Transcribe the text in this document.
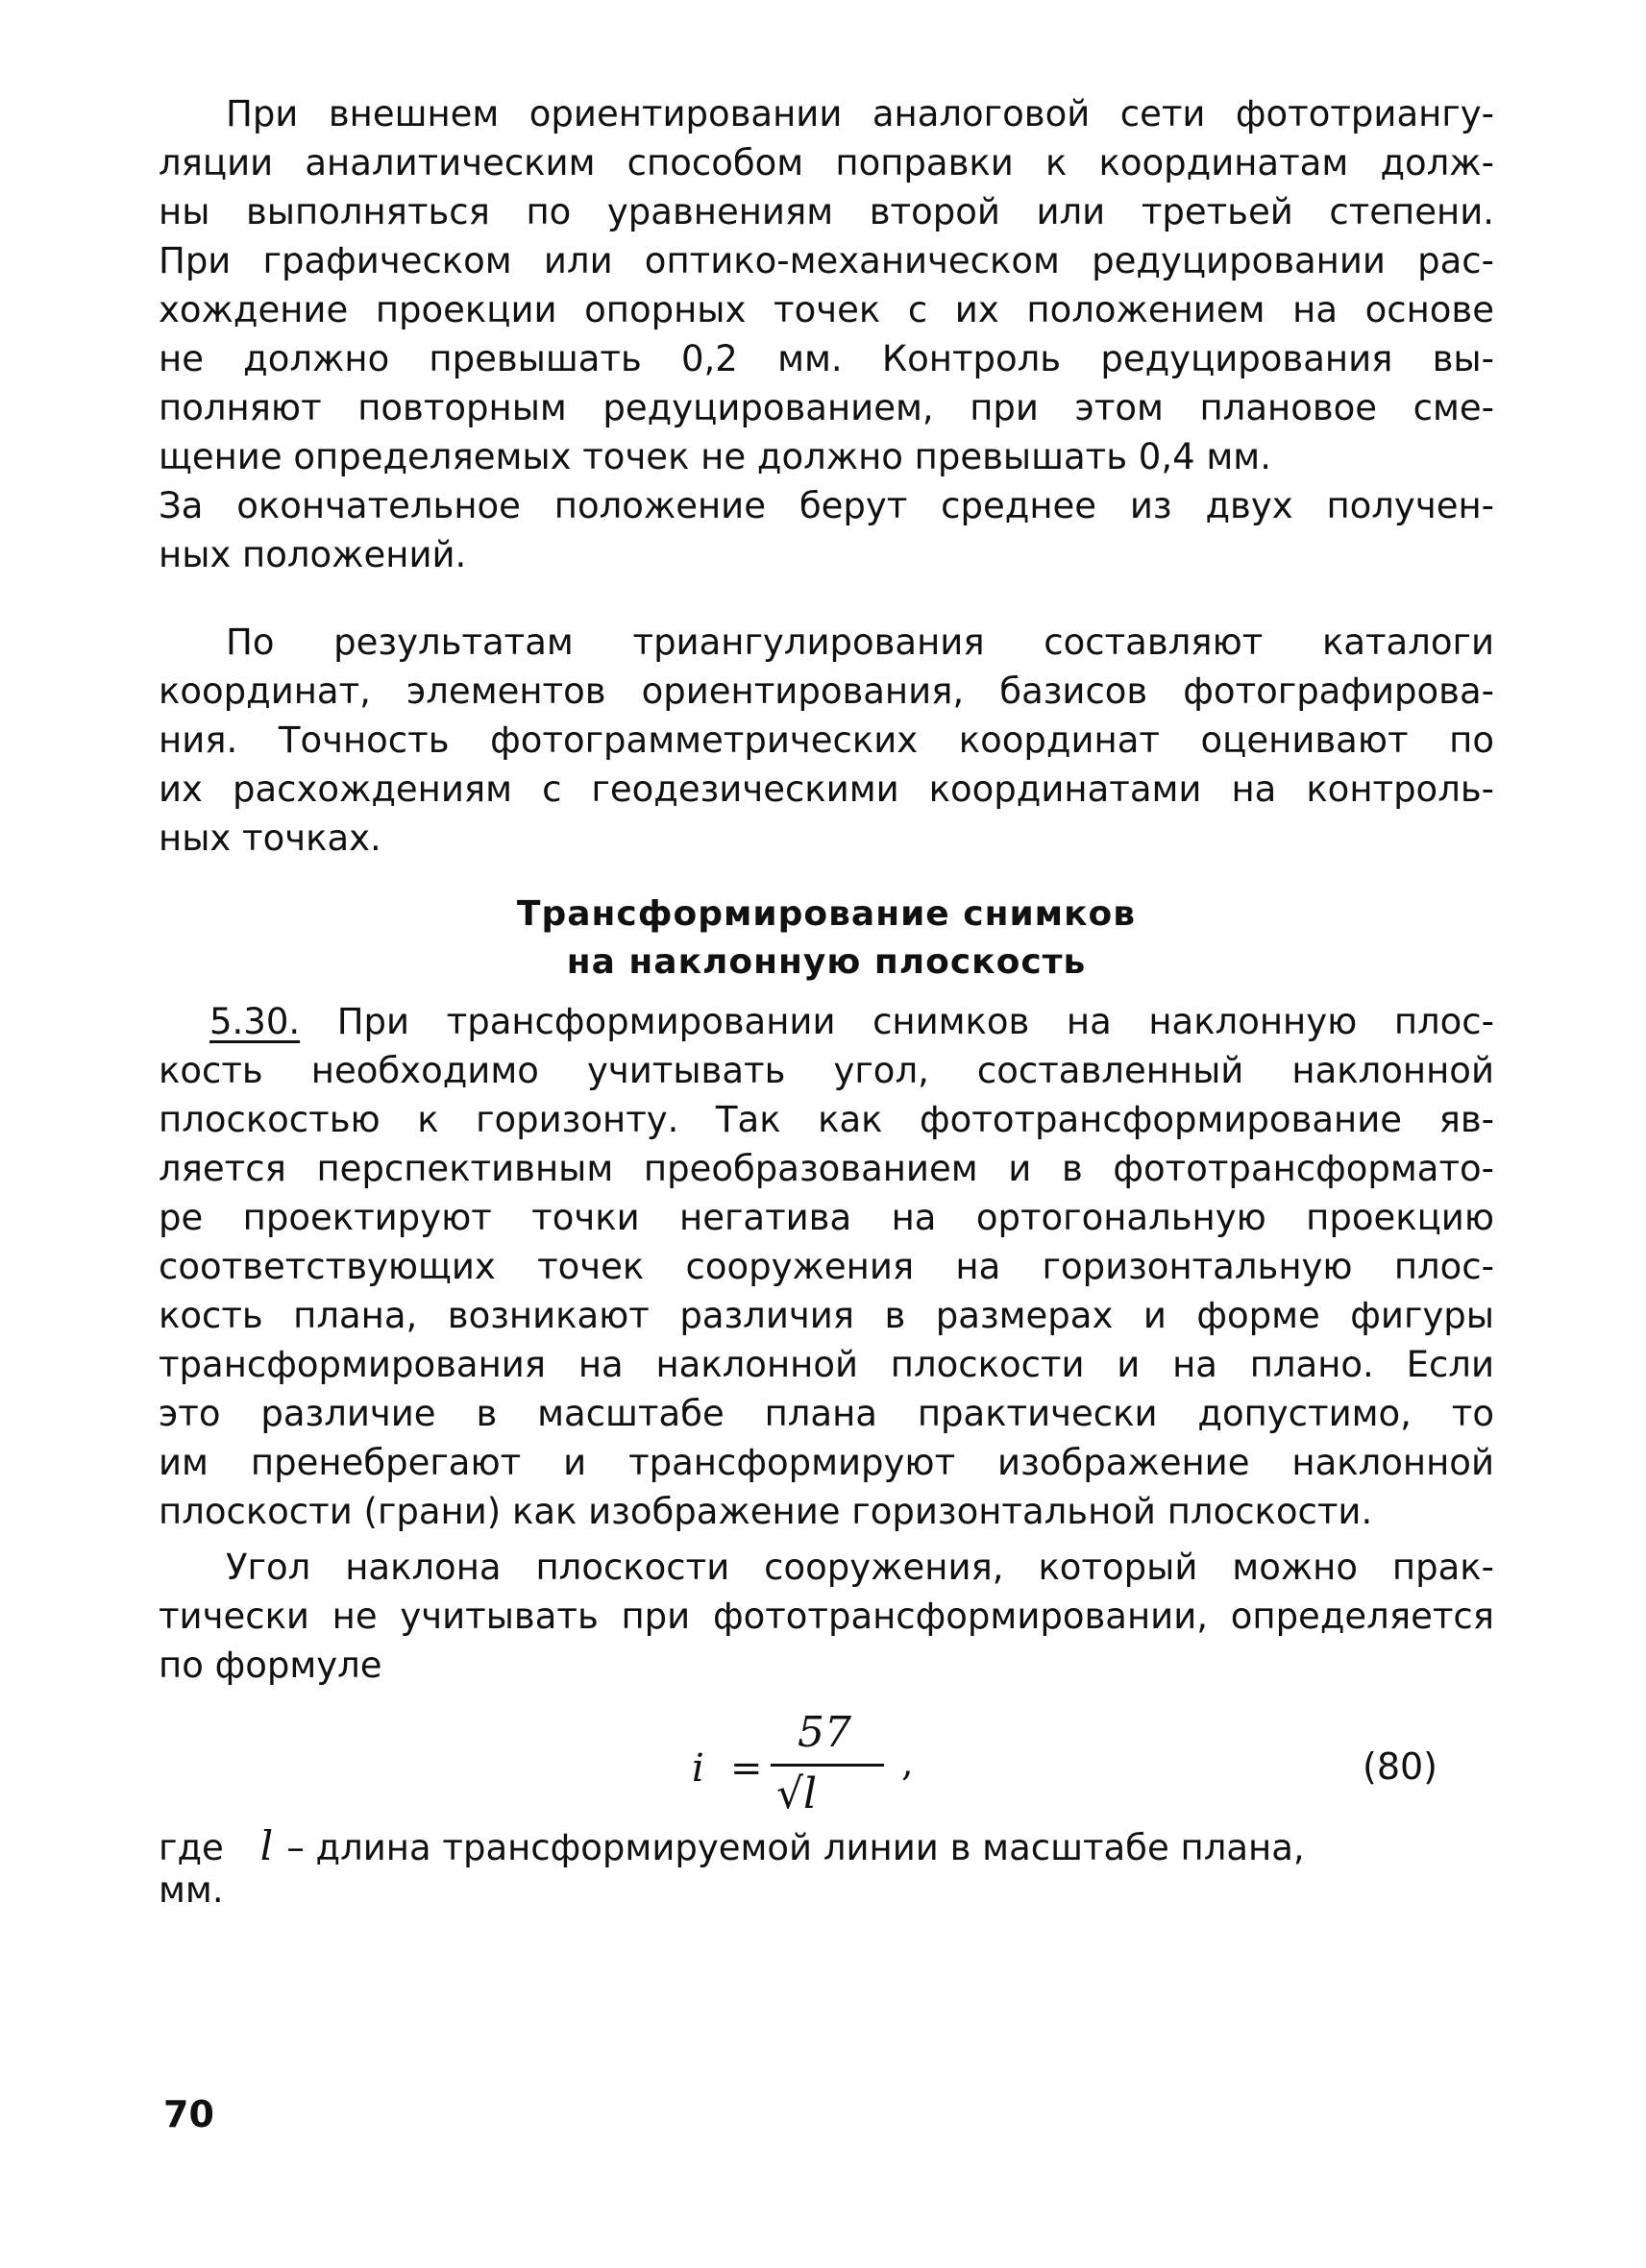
При внешнем ориентировании аналоговой сети фототриангу-
ляции аналитическим способом поправки к координатам долж-
ны выполняться по уравнениям второй или третьей степени.
При графическом или оптико-механическом редуцировании рас-
хождение проекции опорных точек с их положением на основе
не должно превышать 0,2 мм. Контроль редуцирования вы-
полняют повторным редуцированием, при этом плановое сме-
щение определяемых точек не должно превышать 0,4 мм.
За окончательное положение берут среднее из двух получен-
ных положений.
По результатам триангулирования составляют каталоги
координат, элементов ориентирования, базисов фотографирова-
ния. Точность фотограмметрических координат оценивают по
их расхождениям с геодезическими координатами на контроль-
ных точках.
Трансформирование снимков
на наклонную плоскость
5.30. При трансформировании снимков на наклонную плос-
кость необходимо учитывать угол, составленный наклонной
плоскостью к горизонту. Так как фототрансформирование яв-
ляется перспективным преобразованием и в фототрансформато-
ре проектируют точки негатива на ортогональную проекцию
соответствующих точек сооружения на горизонтальную плос-
кость плана, возникают различия в размерах и форме фигуры
трансформирования на наклонной плоскости и на плано. Если
это различие в масштабе плана практически допустимо, то
им пренебрегают и трансформируют изображение наклонной
плоскости (грани) как изображение горизонтальной плоскости.
Угол наклона плоскости сооружения, который можно прак-
тически не учитывать при фототрансформировании, определяется
по формуле
i =
57
√l
,	(80)
где l – длина трансформируемой линии в масштабе плана,
мм.
70
